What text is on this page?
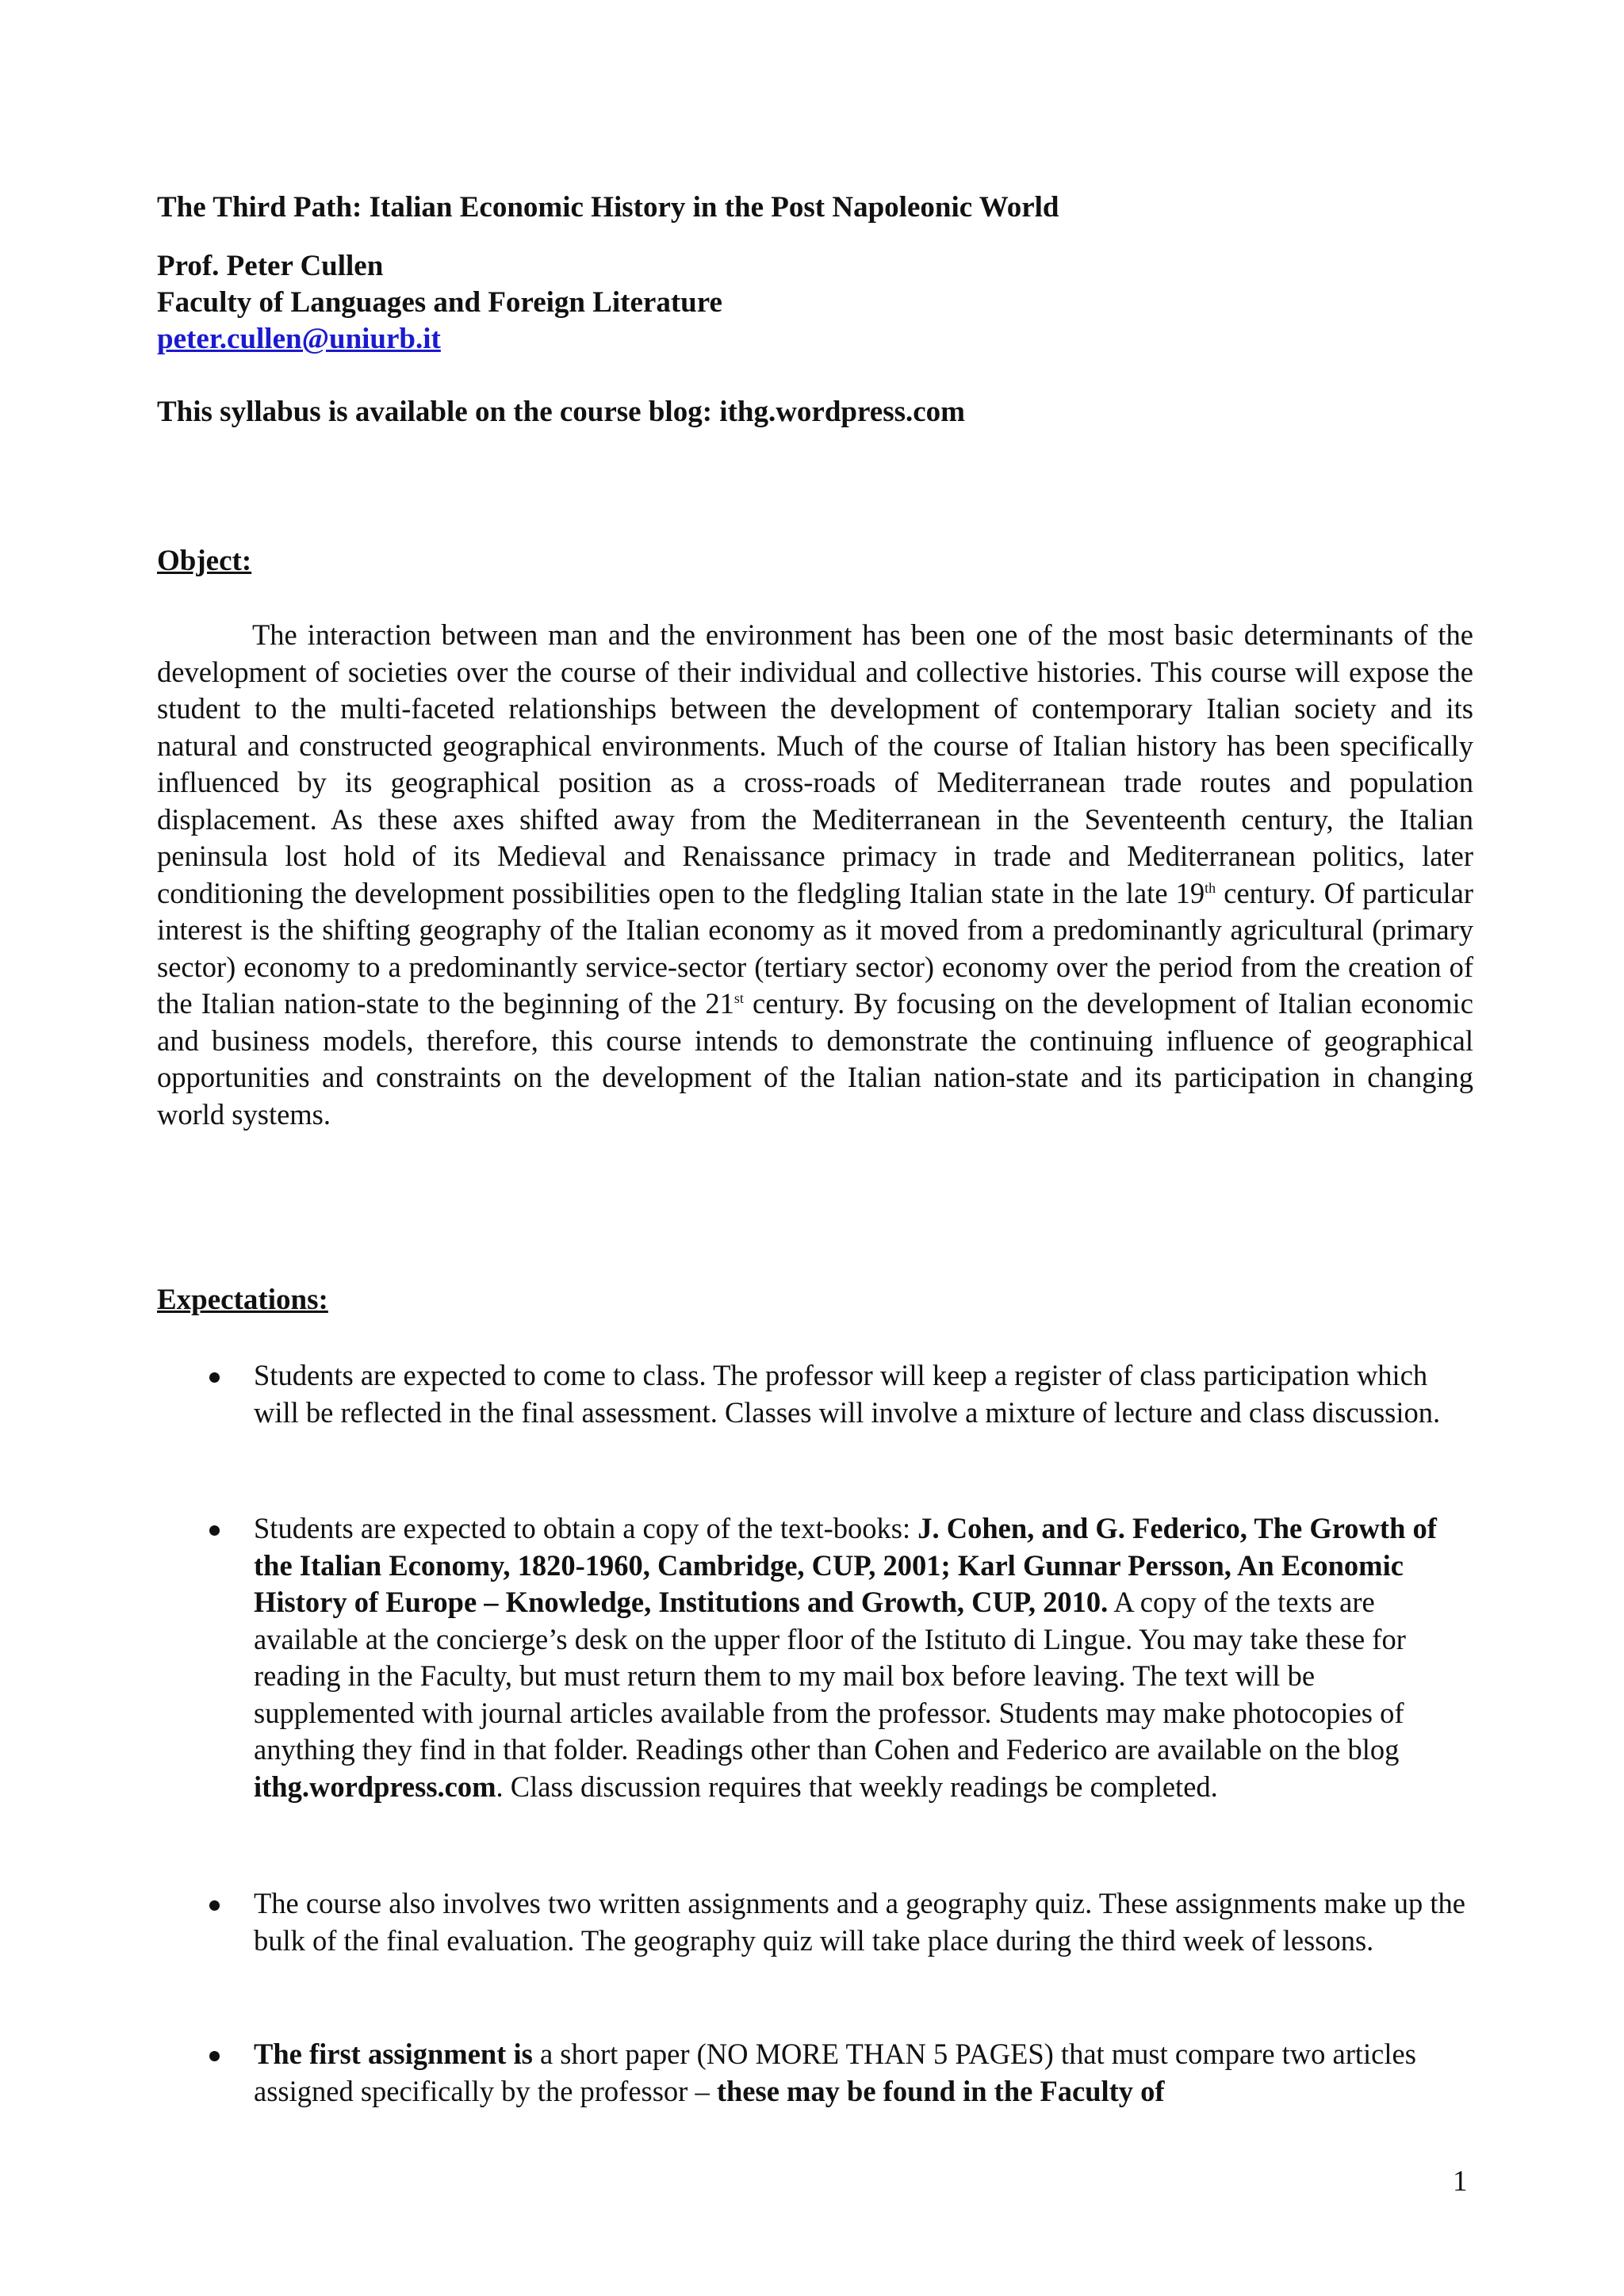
The Third Path: Italian Economic History in the Post Napoleonic World
Prof. Peter Cullen
Faculty of Languages and Foreign Literature
peter.cullen@uniurb.it
This syllabus is available on the course blog: ithg.wordpress.com
Object:

The interaction between man and the environment has been one of the most basic determinants of the development of societies over the course of their individual and collective histories. This course will expose the student to the multi-faceted relationships between the development of contemporary Italian society and its natural and constructed geographical environments. Much of the course of Italian history has been specifically influenced by its geographical position as a cross-roads of Mediterranean trade routes and population displacement. As these axes shifted away from the Mediterranean in the Seventeenth century, the Italian peninsula lost hold of its Medieval and Renaissance primacy in trade and Mediterranean politics, later conditioning the development possibilities open to the fledgling Italian state in the late 19th century. Of particular interest is the shifting geography of the Italian economy as it moved from a predominantly agricultural (primary sector) economy to a predominantly service-sector (tertiary sector) economy over the period from the creation of the Italian nation-state to the beginning of the 21st century. By focusing on the development of Italian economic and business models, therefore, this course intends to demonstrate the continuing influence of geographical opportunities and constraints on the development of the Italian nation-state and its participation in changing world systems.

Expectations:
Students are expected to come to class. The professor will keep a register of class participation which will be reflected in the final assessment. Classes will involve a mixture of lecture and class discussion.
Students are expected to obtain a copy of the text-books: J. Cohen, and G. Federico, The Growth of the Italian Economy, 1820-1960, Cambridge, CUP, 2001; Karl Gunnar Persson, An Economic History of Europe – Knowledge, Institutions and Growth, CUP, 2010. A copy of the texts are available at the concierge’s desk on the upper floor of the Istituto di Lingue. You may take these for reading in the Faculty, but must return them to my mail box before leaving. The text will be supplemented with journal articles available from the professor. Students may make photocopies of anything they find in that folder. Readings other than Cohen and Federico are available on the blog ithg.wordpress.com. Class discussion requires that weekly readings be completed.
The course also involves two written assignments and a geography quiz. These assignments make up the bulk of the final evaluation. The geography quiz will take place during the third week of lessons.
The first assignment is a short paper (NO MORE THAN 5 PAGES) that must compare two articles assigned specifically by the professor – these may be found in the Faculty of
1
